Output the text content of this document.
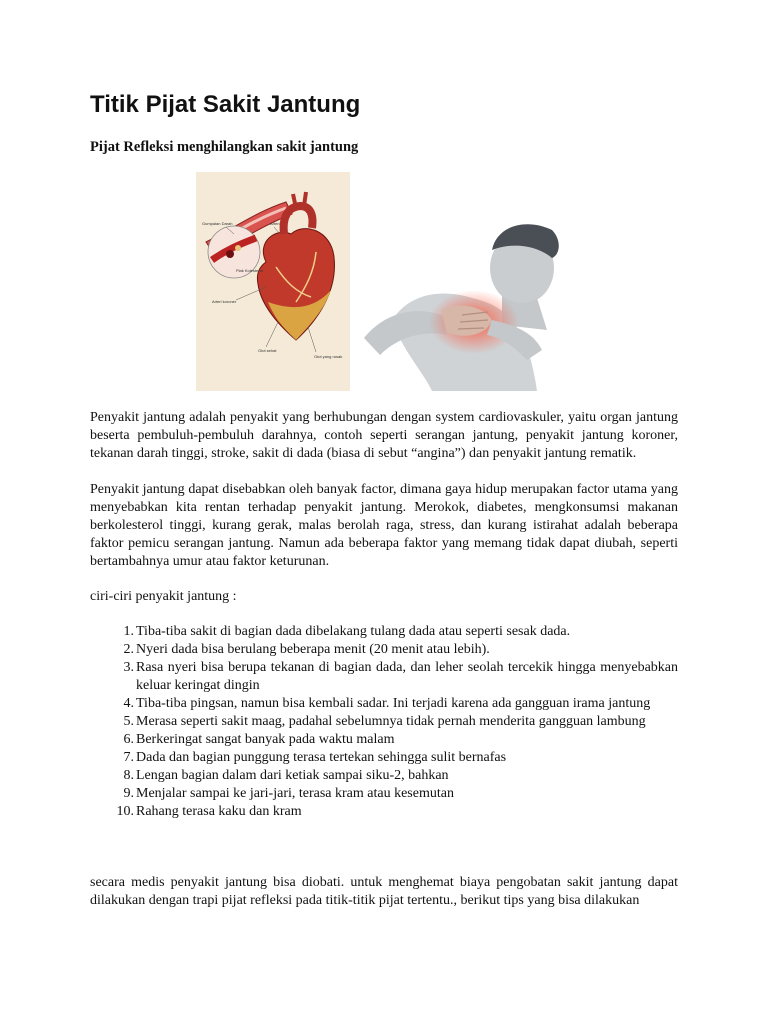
Titik Pijat Sakit Jantung

Pijat Refleksi menghilangkan sakit jantung

Gumpalan Darah	Arteri
Plak Kolesterol
Arteri koroner
Otot sehat
Otot yang rusak

Penyakit jantung adalah penyakit yang berhubungan dengan system cardiovaskuler, yaitu organ jantung beserta pembuluh-pembuluh darahnya, contoh seperti serangan jantung, penyakit jantung koroner, tekanan darah tinggi, stroke, sakit di dada (biasa di sebut “angina”) dan penyakit jantung rematik.

Penyakit jantung dapat disebabkan oleh banyak factor, dimana gaya hidup merupakan factor utama yang menyebabkan kita rentan terhadap penyakit jantung. Merokok, diabetes, mengkonsumsi makanan berkolesterol tinggi, kurang gerak, malas berolah raga, stress, dan kurang istirahat adalah beberapa faktor pemicu serangan jantung. Namun ada beberapa faktor yang memang tidak dapat diubah, seperti bertambahnya umur atau faktor keturunan.

ciri-ciri penyakit jantung :

1. Tiba-tiba sakit di bagian dada dibelakang tulang dada atau seperti sesak dada.
2. Nyeri dada bisa berulang beberapa menit (20 menit atau lebih).
3. Rasa nyeri bisa berupa tekanan di bagian dada, dan leher seolah tercekik hingga menyebabkan keluar keringat dingin
4. Tiba-tiba pingsan, namun bisa kembali sadar. Ini terjadi karena ada gangguan irama jantung
5. Merasa seperti sakit maag, padahal sebelumnya tidak pernah menderita gangguan lambung
6. Berkeringat sangat banyak pada waktu malam
7. Dada dan bagian punggung terasa tertekan sehingga sulit bernafas
8. Lengan bagian dalam dari ketiak sampai siku-2, bahkan
9. Menjalar sampai ke jari-jari, terasa kram atau kesemutan
10. Rahang terasa kaku dan kram

secara medis penyakit jantung bisa diobati. untuk menghemat biaya pengobatan sakit jantung dapat dilakukan dengan trapi pijat refleksi pada titik-titik pijat tertentu., berikut tips yang bisa dilakukan
